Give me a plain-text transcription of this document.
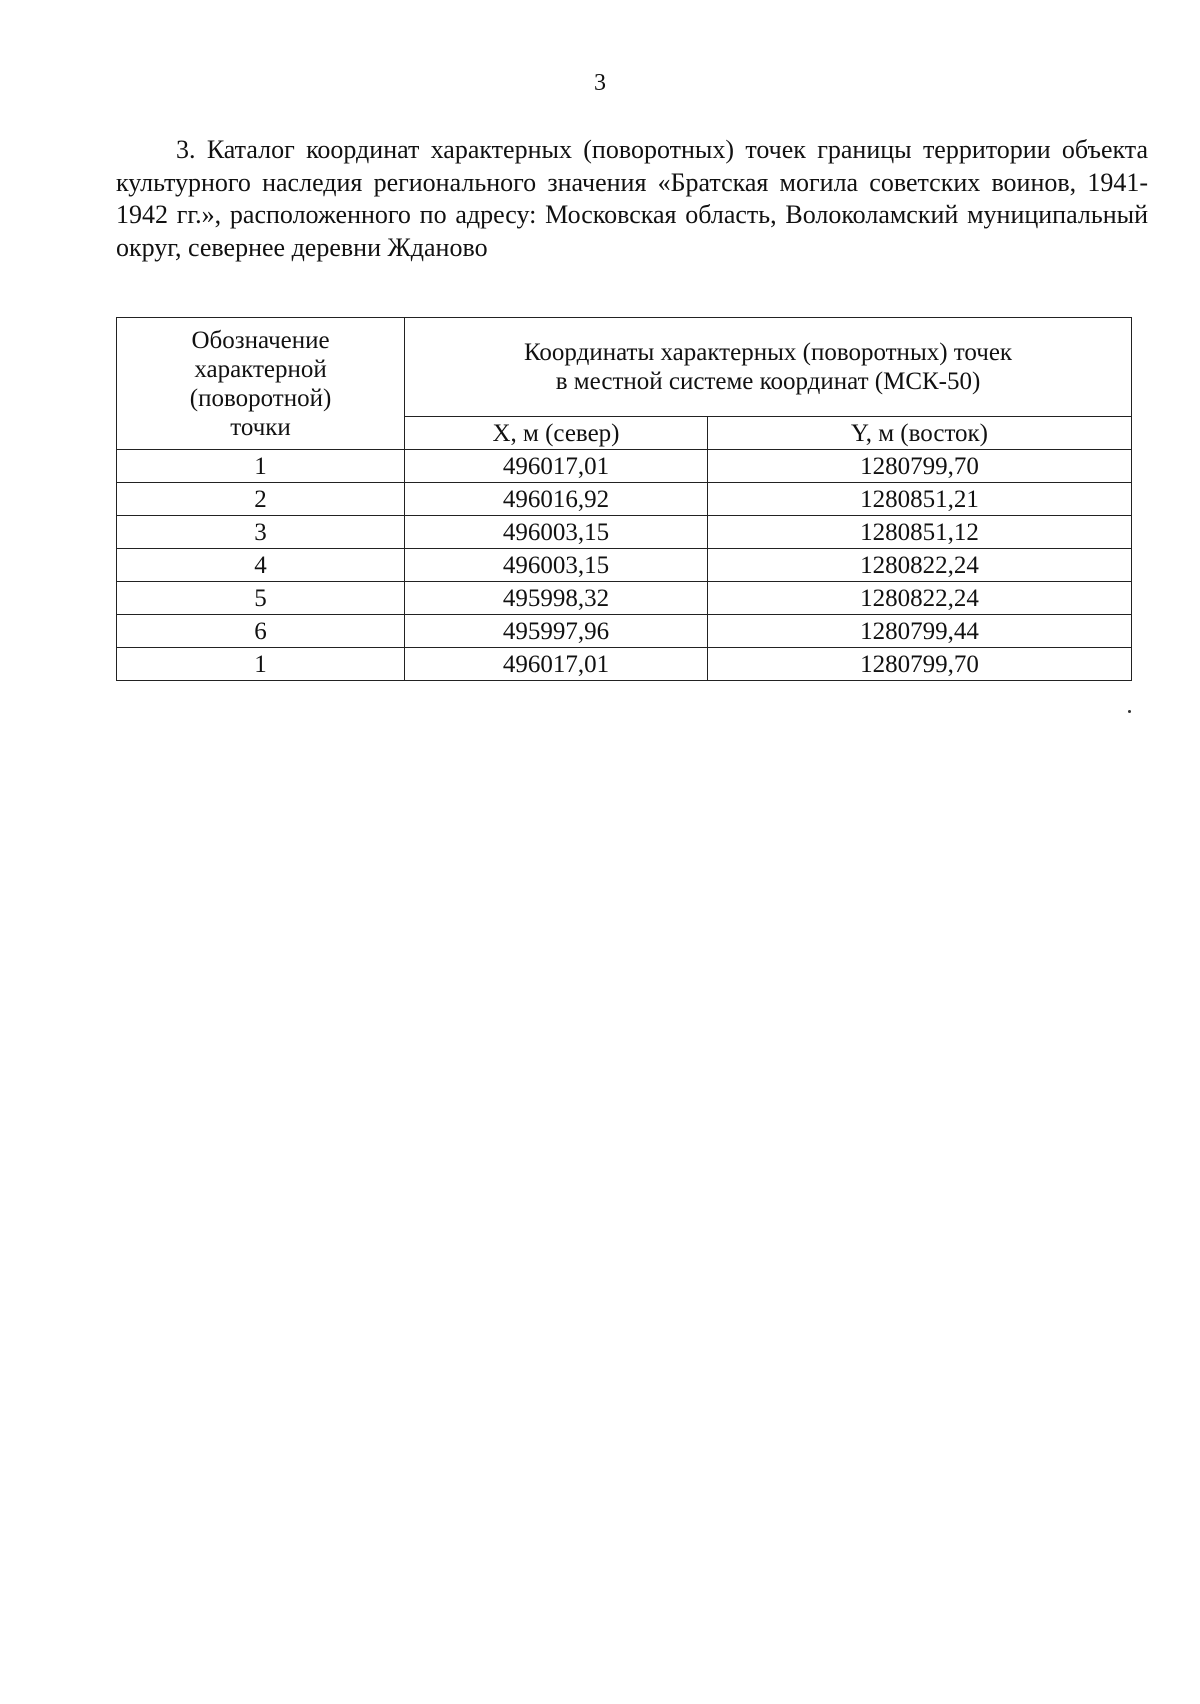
3

3. Каталог координат характерных (поворотных) точек границы территории объекта культурного наследия регионального значения «Братская могила советских воинов, 1941-1942 гг.», расположенного по адресу: Московская область, Волоколамский муниципальный округ, севернее деревни Жданово

Обозначение
характерной
(поворотной)
точки	Координаты характерных (поворотных) точек
в местной системе координат (МСК-50)	

	X, м (север)	Y, м (восток)
1	496017,01	1280799,70
2	496016,92	1280851,21
3	496003,15	1280851,12
4	496003,15	1280822,24
5	495998,32	1280822,24
6	495997,96	1280799,44
1	496017,01	1280799,70
